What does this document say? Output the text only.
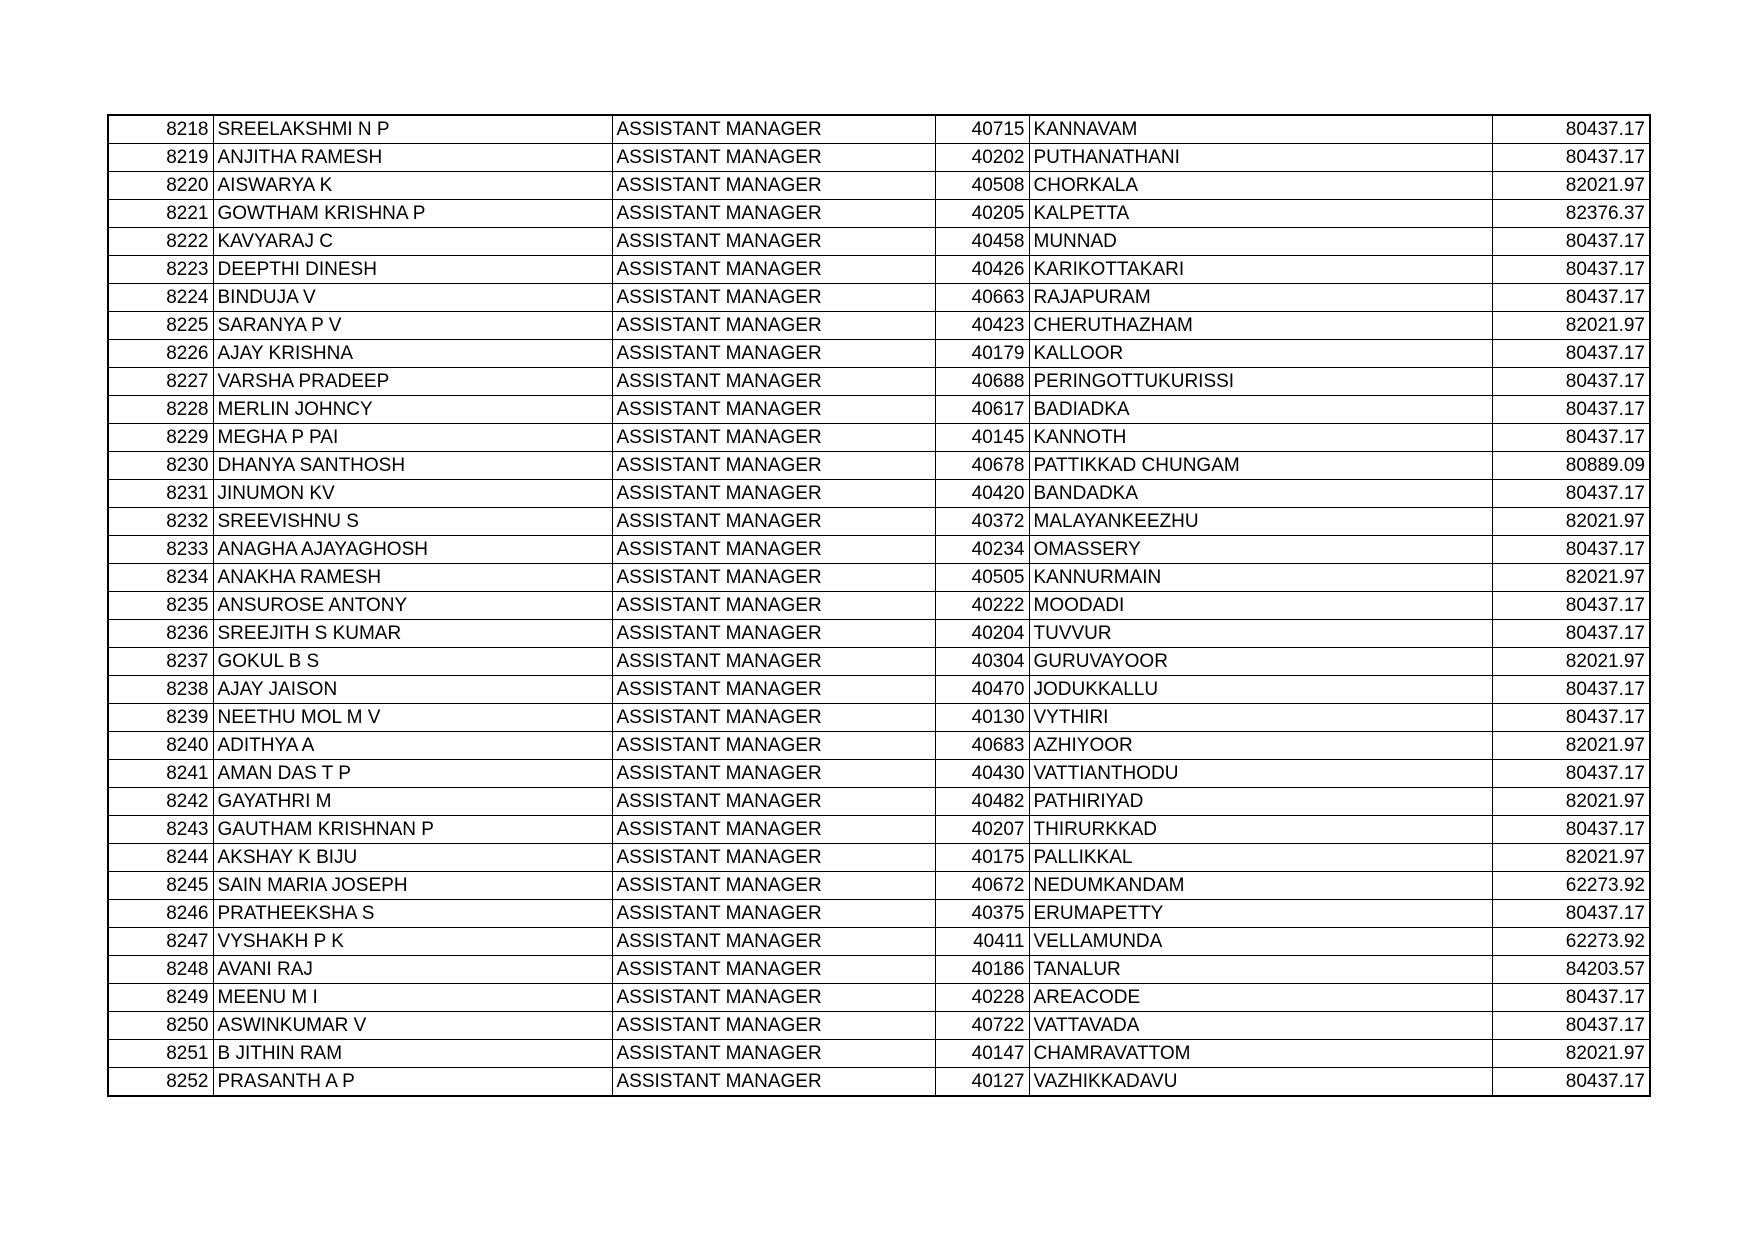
8218	SREELAKSHMI N P	ASSISTANT MANAGER	40715	KANNAVAM	80437.17
8219	ANJITHA RAMESH	ASSISTANT MANAGER	40202	PUTHANATHANI	80437.17
8220	AISWARYA K	ASSISTANT MANAGER	40508	CHORKALA	82021.97
8221	GOWTHAM KRISHNA P	ASSISTANT MANAGER	40205	KALPETTA	82376.37
8222	KAVYARAJ C	ASSISTANT MANAGER	40458	MUNNAD	80437.17
8223	DEEPTHI DINESH	ASSISTANT MANAGER	40426	KARIKOTTAKARI	80437.17
8224	BINDUJA V	ASSISTANT MANAGER	40663	RAJAPURAM	80437.17
8225	SARANYA P V	ASSISTANT MANAGER	40423	CHERUTHAZHAM	82021.97
8226	AJAY KRISHNA	ASSISTANT MANAGER	40179	KALLOOR	80437.17
8227	VARSHA PRADEEP	ASSISTANT MANAGER	40688	PERINGOTTUKURISSI	80437.17
8228	MERLIN JOHNCY	ASSISTANT MANAGER	40617	BADIADKA	80437.17
8229	MEGHA P PAI	ASSISTANT MANAGER	40145	KANNOTH	80437.17
8230	DHANYA SANTHOSH	ASSISTANT MANAGER	40678	PATTIKKAD CHUNGAM	80889.09
8231	JINUMON KV	ASSISTANT MANAGER	40420	BANDADKA	80437.17
8232	SREEVISHNU S	ASSISTANT MANAGER	40372	MALAYANKEEZHU	82021.97
8233	ANAGHA AJAYAGHOSH	ASSISTANT MANAGER	40234	OMASSERY	80437.17
8234	ANAKHA RAMESH	ASSISTANT MANAGER	40505	KANNURMAIN	82021.97
8235	ANSUROSE ANTONY	ASSISTANT MANAGER	40222	MOODADI	80437.17
8236	SREEJITH S KUMAR	ASSISTANT MANAGER	40204	TUVVUR	80437.17
8237	GOKUL B S	ASSISTANT MANAGER	40304	GURUVAYOOR	82021.97
8238	AJAY JAISON	ASSISTANT MANAGER	40470	JODUKKALLU	80437.17
8239	NEETHU MOL M V	ASSISTANT MANAGER	40130	VYTHIRI	80437.17
8240	ADITHYA A	ASSISTANT MANAGER	40683	AZHIYOOR	82021.97
8241	AMAN DAS T P	ASSISTANT MANAGER	40430	VATTIANTHODU	80437.17
8242	GAYATHRI M	ASSISTANT MANAGER	40482	PATHIRIYAD	82021.97
8243	GAUTHAM KRISHNAN P	ASSISTANT MANAGER	40207	THIRURKKAD	80437.17
8244	AKSHAY K BIJU	ASSISTANT MANAGER	40175	PALLIKKAL	82021.97
8245	SAIN MARIA JOSEPH	ASSISTANT MANAGER	40672	NEDUMKANDAM	62273.92
8246	PRATHEEKSHA S	ASSISTANT MANAGER	40375	ERUMAPETTY	80437.17
8247	VYSHAKH P K	ASSISTANT MANAGER	40411	VELLAMUNDA	62273.92
8248	AVANI RAJ	ASSISTANT MANAGER	40186	TANALUR	84203.57
8249	MEENU M I	ASSISTANT MANAGER	40228	AREACODE	80437.17
8250	ASWINKUMAR V	ASSISTANT MANAGER	40722	VATTAVADA	80437.17
8251	B JITHIN RAM	ASSISTANT MANAGER	40147	CHAMRAVATTOM	82021.97
8252	PRASANTH A P	ASSISTANT MANAGER	40127	VAZHIKKADAVU	80437.17
